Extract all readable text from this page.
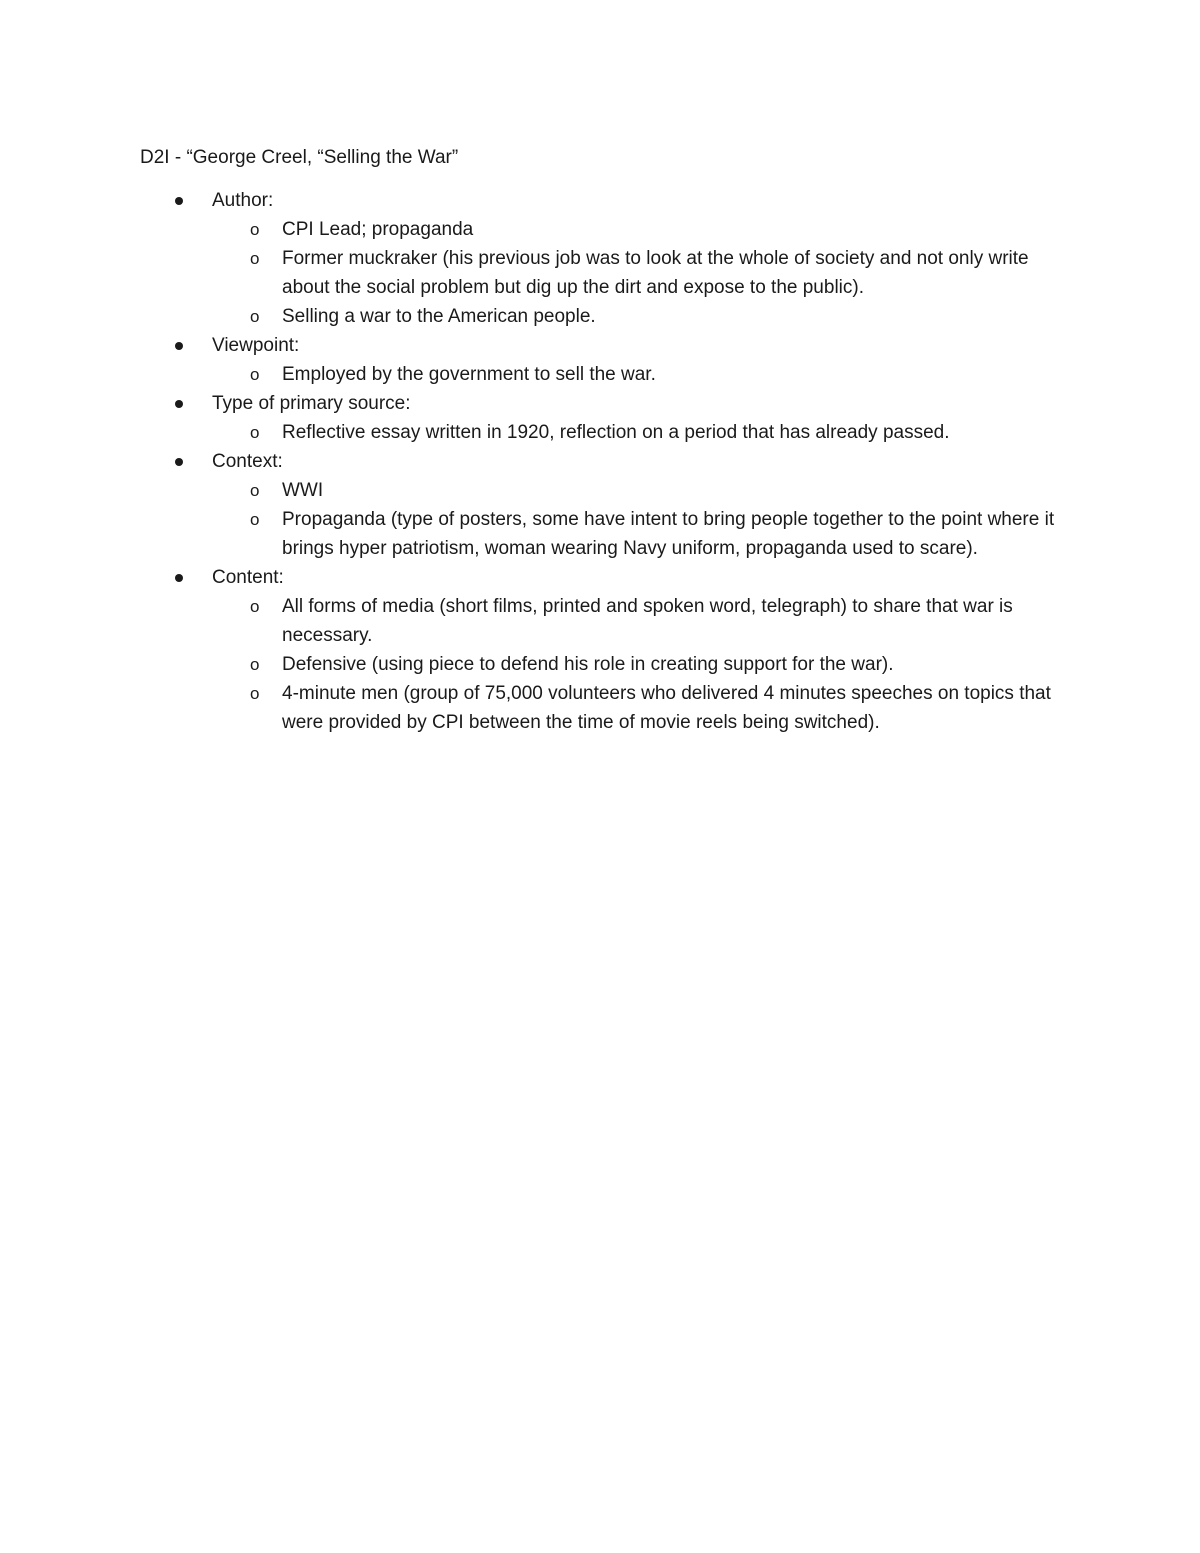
D2I - “George Creel, “Selling the War”
Author:
o CPI Lead; propaganda
o Former muckraker (his previous job was to look at the whole of society and not only write about the social problem but dig up the dirt and expose to the public).
o Selling a war to the American people.
Viewpoint:
o Employed by the government to sell the war.
Type of primary source:
o Reflective essay written in 1920, reflection on a period that has already passed.
Context:
o WWI
o Propaganda (type of posters, some have intent to bring people together to the point where it brings hyper patriotism, woman wearing Navy uniform, propaganda used to scare).
Content:
o All forms of media (short films, printed and spoken word, telegraph) to share that war is necessary.
o Defensive (using piece to defend his role in creating support for the war).
o 4-minute men (group of 75,000 volunteers who delivered 4 minutes speeches on topics that were provided by CPI between the time of movie reels being switched).
